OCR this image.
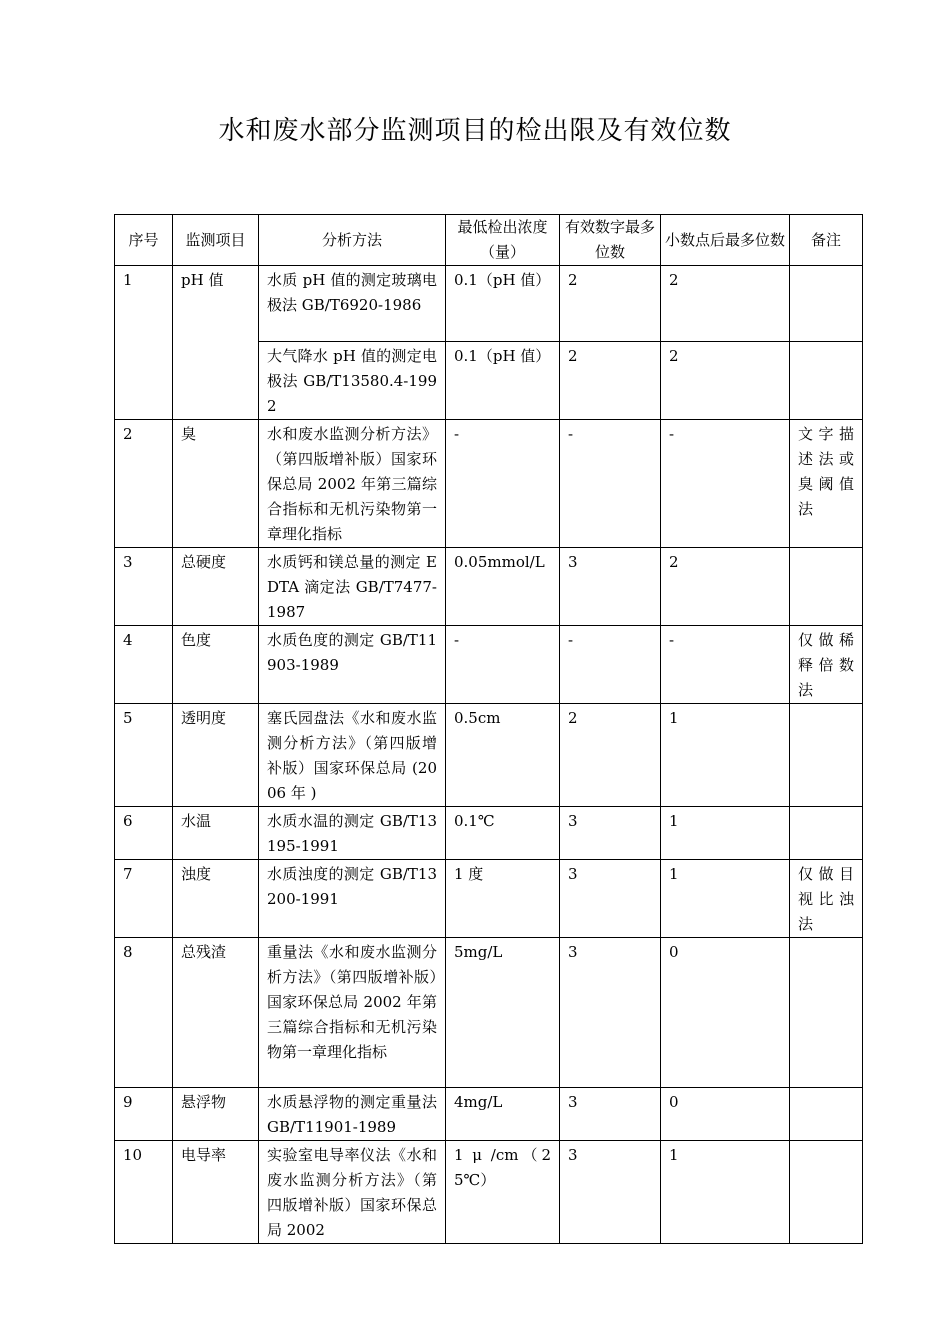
水和废水部分监测项目的检出限及有效位数
序号	监测项目	分析方法	最低检出浓度（量）	有效数字最多位数	小数点后最多位数	备注
1	pH 值	水质 pH 值的测定玻璃电极法 GB/T6920-1986	0.1（pH 值）	2	2	
		大气降水 pH 值的测定电极法 GB/T13580.4-1992	0.1（pH 值）	2	2	
2	臭	水和废水监测分析方法》（第四版增补版）国家环保总局 2002 年第三篇综合指标和无机污染物第一章理化指标	-	-	-	文字描述法或臭阈值法
3	总硬度	水质钙和镁总量的测定 EDTA 滴定法 GB/T7477-1987	0.05mmol/L	3	2	
4	色度	水质色度的测定 GB/T11903-1989	-	-	-	仅做稀释倍数法
5	透明度	塞氏园盘法《水和废水监测分析方法》（第四版增补版）国家环保总局 (2006 年 )	0.5cm	2	1	
6	水温	水质水温的测定 GB/T13195-1991	0.1℃	3	1	
7	浊度	水质浊度的测定 GB/T13200-1991	1 度	3	1	仅做目视比浊法
8	总残渣	重量法《水和废水监测分析方法》（第四版增补版）国家环保总局 2002 年第三篇综合指标和无机污染物第一章理化指标	5mg/L	3	0	
9	悬浮物	水质悬浮物的测定重量法 GB/T11901-1989	4mg/L	3	0	
10	电导率	实验室电导率仪法《水和废水监测分析方法》（第四版增补版）国家环保总局 2002	1 μ /cm（25℃）	3	1	
